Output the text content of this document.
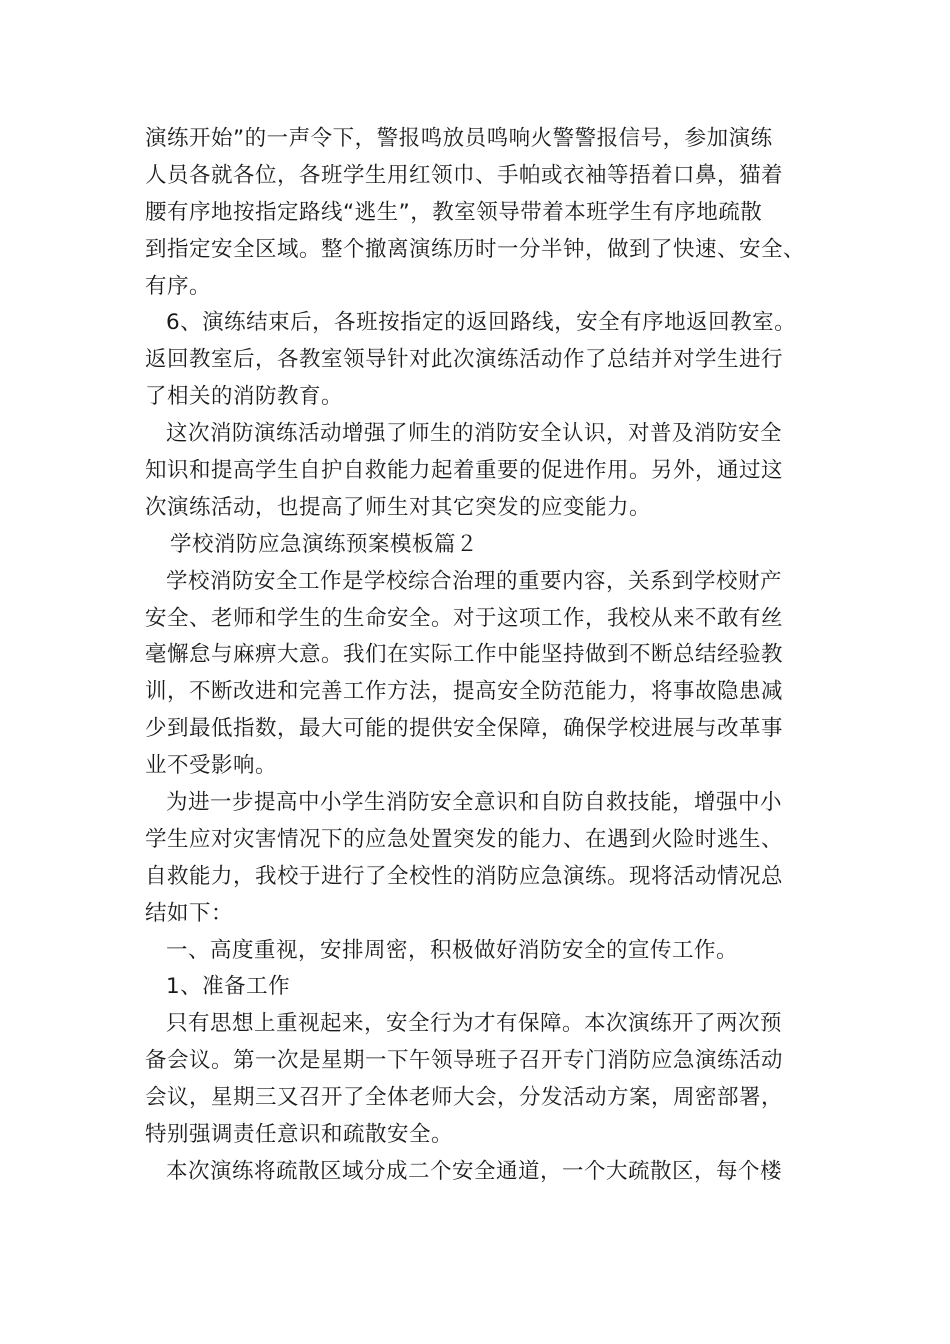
演练开始”的一声令下，警报鸣放员鸣响火警警报信号，参加演练
人员各就各位，各班学生用红领巾、手帕或衣袖等捂着口鼻，猫着
腰有序地按指定路线“逃生”，教室领导带着本班学生有序地疏散
到指定安全区域。整个撤离演练历时一分半钟，做到了快速、安全、
有序。
6、演练结束后，各班按指定的返回路线，安全有序地返回教室。
返回教室后，各教室领导针对此次演练活动作了总结并对学生进行
了相关的消防教育。
这次消防演练活动增强了师生的消防安全认识，对普及消防安全
知识和提高学生自护自救能力起着重要的促进作用。另外，通过这
次演练活动，也提高了师生对其它突发的应变能力。
学校消防应急演练预案模板篇２
学校消防安全工作是学校综合治理的重要内容，关系到学校财产
安全、老师和学生的生命安全。对于这项工作，我校从来不敢有丝
毫懈怠与麻痹大意。我们在实际工作中能坚持做到不断总结经验教
训，不断改进和完善工作方法，提高安全防范能力，将事故隐患减
少到最低指数，最大可能的提供安全保障，确保学校进展与改革事
业不受影响。
为进一步提高中小学生消防安全意识和自防自救技能，增强中小
学生应对灾害情况下的应急处置突发的能力、在遇到火险时逃生、
自救能力，我校于进行了全校性的消防应急演练。现将活动情况总
结如下：
一、高度重视，安排周密，积极做好消防安全的宣传工作。
1、准备工作
只有思想上重视起来，安全行为才有保障。本次演练开了两次预
备会议。第一次是星期一下午领导班子召开专门消防应急演练活动
会议，星期三又召开了全体老师大会，分发活动方案，周密部署，
特别强调责任意识和疏散安全。
本次演练将疏散区域分成二个安全通道，一个大疏散区，每个楼
